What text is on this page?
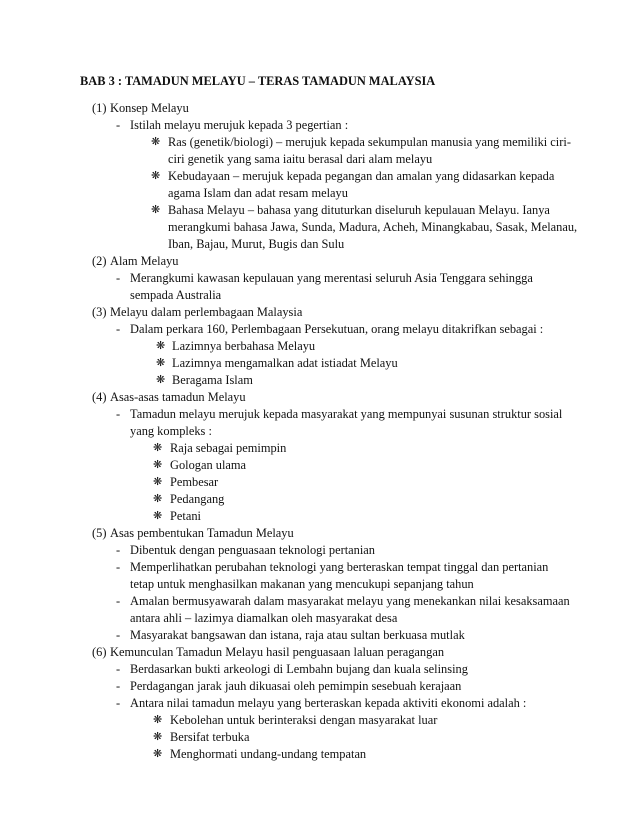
BAB 3 : TAMADUN MELAYU – TERAS TAMADUN MALAYSIA
(1) Konsep Melayu
- Istilah melayu merujuk kepada 3 pegertian :
❋ Ras (genetik/biologi) – merujuk kepada sekumpulan manusia yang memiliki ciri-ciri genetik yang sama iaitu berasal dari alam melayu
❋ Kebudayaan – merujuk kepada pegangan dan amalan yang didasarkan kepada agama Islam dan adat resam melayu
❋ Bahasa Melayu – bahasa yang dituturkan diseluruh kepulauan Melayu. Ianya merangkumi bahasa Jawa, Sunda, Madura, Acheh, Minangkabau, Sasak, Melanau, Iban, Bajau, Murut, Bugis dan Sulu
(2) Alam Melayu
- Merangkumi kawasan kepulauan yang merentasi seluruh Asia Tenggara sehingga sempada Australia
(3) Melayu dalam perlembagaan Malaysia
- Dalam perkara 160, Perlembagaan Persekutuan, orang melayu ditakrifkan sebagai :
❋ Lazimnya berbahasa Melayu
❋ Lazimnya mengamalkan adat istiadat Melayu
❋ Beragama Islam
(4) Asas-asas tamadun Melayu
- Tamadun melayu merujuk kepada masyarakat yang mempunyai susunan struktur sosial yang kompleks :
❋ Raja sebagai pemimpin
❋ Gologan ulama
❋ Pembesar
❋ Pedangang
❋ Petani
(5) Asas pembentukan Tamadun Melayu
- Dibentuk dengan penguasaan teknologi pertanian
- Memperlihatkan perubahan teknologi yang berteraskan tempat tinggal dan pertanian tetap untuk menghasilkan makanan yang mencukupi sepanjang tahun
- Amalan bermusyawarah dalam masyarakat melayu yang menekankan nilai kesaksamaan antara ahli – lazimya diamalkan oleh masyarakat desa
- Masyarakat bangsawan dan istana, raja atau sultan berkuasa mutlak
(6) Kemunculan Tamadun Melayu hasil penguasaan laluan peragangan
- Berdasarkan bukti arkeologi di Lembahn bujang dan kuala selinsing
- Perdagangan jarak jauh dikuasai oleh pemimpin sesebuah kerajaan
- Antara nilai tamadun melayu yang berteraskan kepada aktiviti ekonomi adalah :
❋ Kebolehan untuk berinteraksi dengan masyarakat luar
❋ Bersifat terbuka
❋ Menghormati undang-undang tempatan
